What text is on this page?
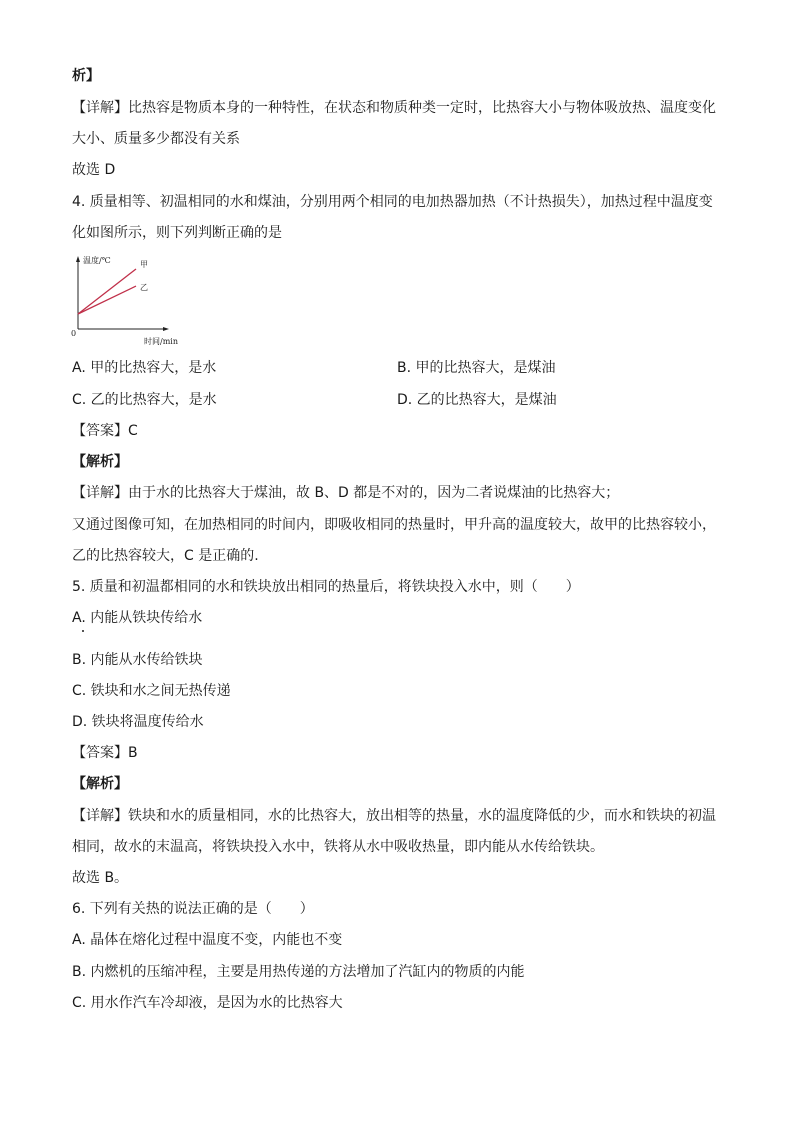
析】
【详解】比热容是物质本身的一种特性，在状态和物质种类一定时，比热容大小与物体吸放热、温度变化
大小、质量多少都没有关系
故选 D
4. 质量相等、初温相同的水和煤油，分别用两个相同的电加热器加热（不计热损失），加热过程中温度变
化如图所示，则下列判断正确的是
温度/℃
时间/min
0
甲
乙
A. 甲的比热容大，是水	B. 甲的比热容大，是煤油
C. 乙的比热容大，是水	D. 乙的比热容大，是煤油
【答案】C
【解析】
【详解】由于水的比热容大于煤油，故 B、D 都是不对的，因为二者说煤油的比热容大；
又通过图像可知，在加热相同的时间内，即吸收相同的热量时，甲升高的温度较大，故甲的比热容较小，
乙的比热容较大，C 是正确的.
5. 质量和初温都相同的水和铁块放出相同的热量后，将铁块投入水中，则（　　）
A. 内能从铁块传给水
B. 内能从水传给铁块
C. 铁块和水之间无热传递
D. 铁块将温度传给水
【答案】B
【解析】
【详解】铁块和水的质量相同，水的比热容大，放出相等的热量，水的温度降低的少，而水和铁块的初温
相同，故水的末温高，将铁块投入水中，铁将从水中吸收热量，即内能从水传给铁块。
故选 B。
6. 下列有关热的说法正确的是（　　）
A. 晶体在熔化过程中温度不变，内能也不变
B. 内燃机的压缩冲程，主要是用热传递的方法增加了汽缸内的物质的内能
C. 用水作汽车冷却液，是因为水的比热容大
